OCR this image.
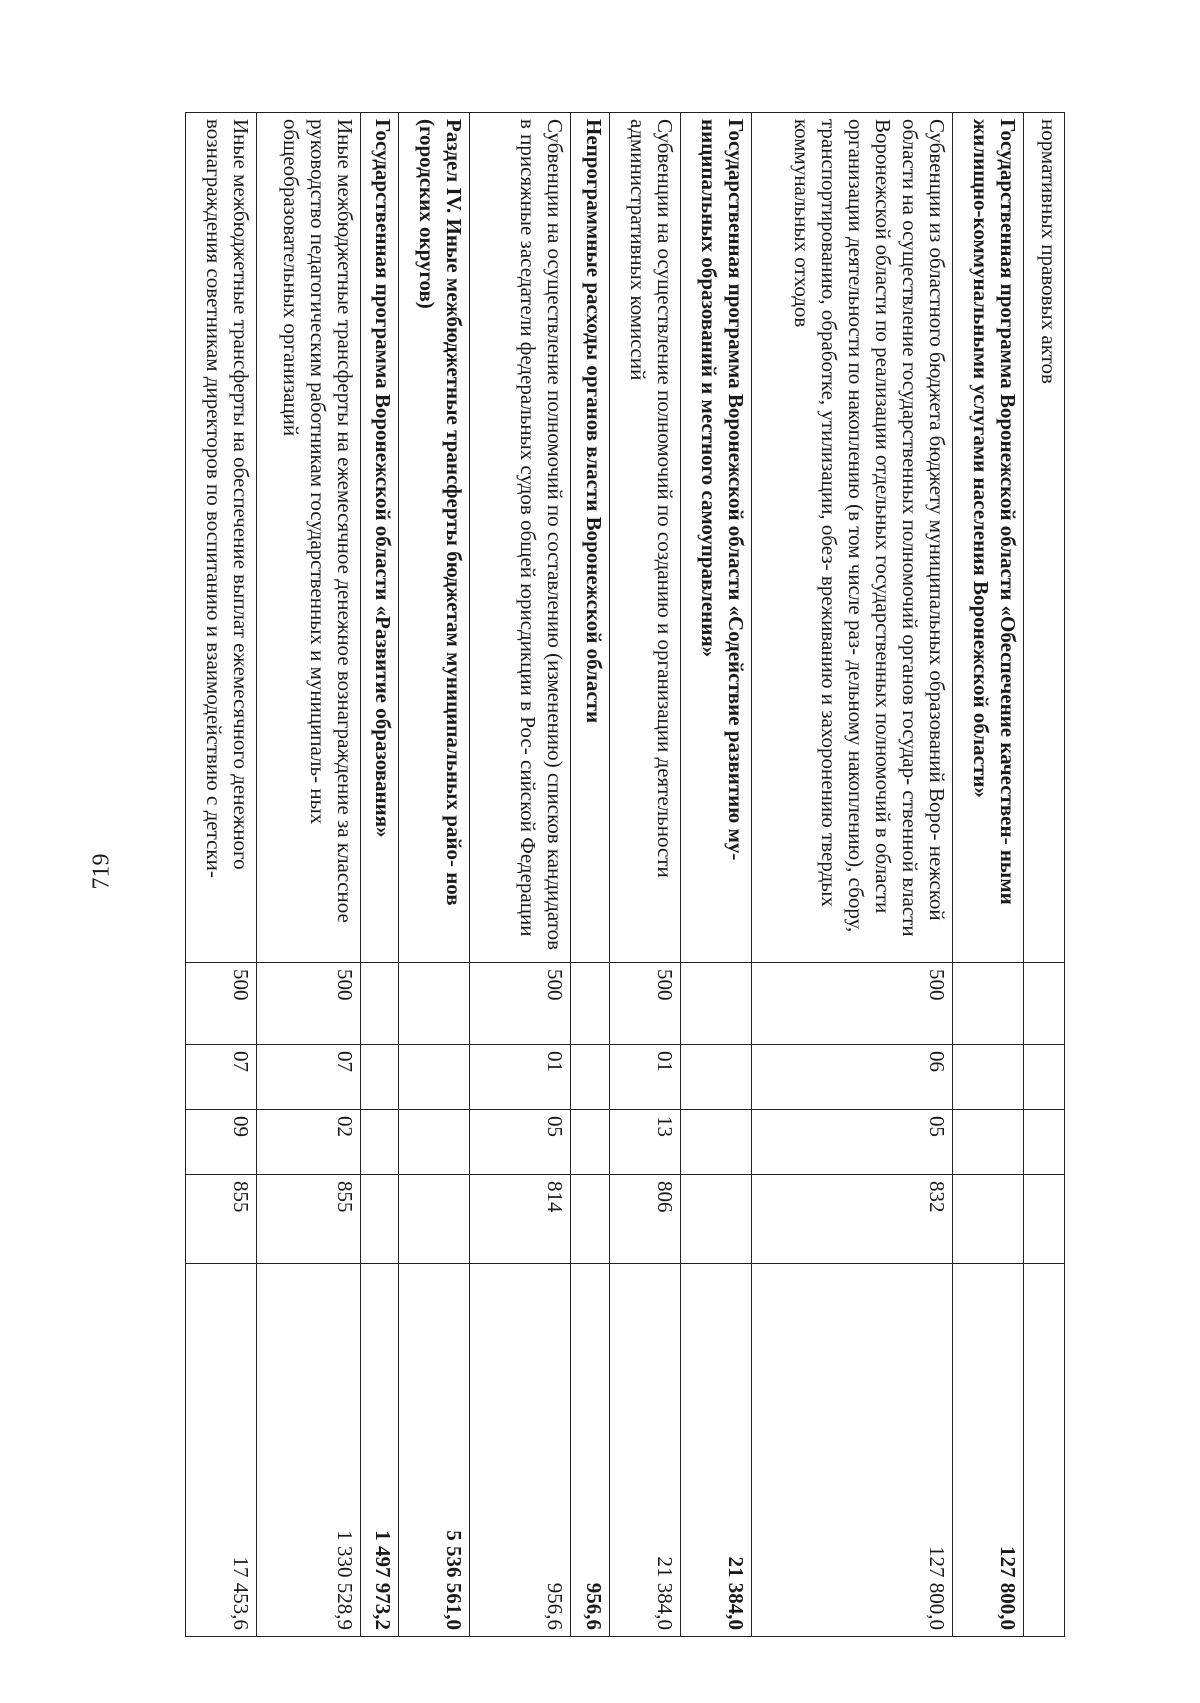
719
нормативных правовых актов					
Государственная программа Воронежской области «Обеспечение качествен- ными жилищно-коммунальными услугами населения Воронежской области»					127 800,0
Субвенции из областного бюджета бюджету муниципальных образований Воро- нежской области на осуществление государственных полномочий органов государ- ственной власти Воронежской области по реализации отдельных государственных полномочий в области организации деятельности по накоплению (в том числе раз- дельному накоплению), сбору, транспортированию, обработке, утилизации, обез- вреживанию и захоронению твердых коммунальных отходов	500	06	05	832	127 800,0
Государственная программа Воронежской области «Содействие развитию му- ниципальных образований и местного самоуправления»					21 384,0
Субвенции на осуществление полномочий по созданию и организации деятельности административных комиссий	500	01	13	806	21 384,0
Непрограммные расходы органов власти Воронежской области					956,6
Субвенции на осуществление полномочий по составлению (изменению) списков кандидатов в присяжные заседатели федеральных судов общей юрисдикции в Рос- сийской Федерации	500	01	05	814	956,6
Раздел IV. Иные межбюджетные трансферты бюджетам муниципальных райо- нов (городских округов)					5 536 561,0
Государственная программа Воронежской области «Развитие образования»					1 497 973,2
Иные межбюджетные трансферты на ежемесячное денежное вознаграждение за классное руководство педагогическим работникам государственных и муниципаль- ных общеобразовательных организаций	500	07	02	855	1 330 528,9
Иные межбюджетные трансферты на обеспечение выплат ежемесячного денежного вознаграждения советникам директоров по воспитанию и взаимодействию с детски-	500	07	09	855	17 453,6
